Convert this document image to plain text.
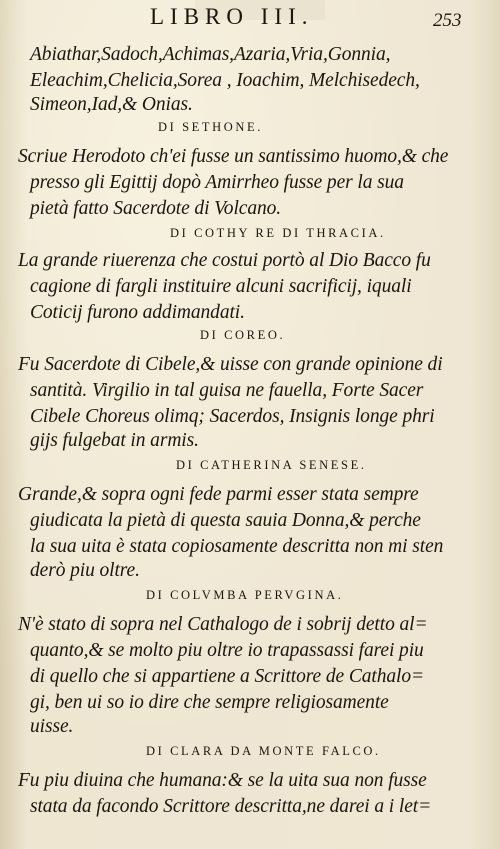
LIBRO III.	253
Abiathar,Sadoch,Achimas,Azaria,Vria,Gonnia,
Eleachim,Chelicia,Sorea , Ioachim, Melchisedech,
Simeon,Iad,& Onias.
DI SETHONE.
Scriue Herodoto ch'ei fusse un santissimo huomo,& che
presso gli Egittij dopò Amirrheo fusse per la sua
pietà fatto Sacerdote di Volcano.
DI COTHY RE DI THRACIA.
La grande riuerenza che costui portò al Dio Bacco fu
cagione di fargli instituire alcuni sacrificij, iquali
Coticij furono addimandati.
DI COREO.
Fu Sacerdote di Cibele,& uisse con grande opinione di
santità. Virgilio in tal guisa ne fauella, Forte Sacer
Cibele Choreus olimq; Sacerdos, Insignis longe phri
gijs fulgebat in armis.
DI CATHERINA SENESE.
Grande,& sopra ogni fede parmi esser stata sempre
giudicata la pietà di questa sauia Donna,& perche
la sua uita è stata copiosamente descritta non mi sten
derò piu oltre.
DI COLVMBA PERVGINA.
N'è stato di sopra nel Cathalogo de i sobrij detto al=
quanto,& se molto piu oltre io trapassassi farei piu
di quello che si appartiene a Scrittore de Cathalo=
gi, ben ui so io dire che sempre religiosamente
uisse.
DI CLARA DA MONTE FALCO.
Fu piu diuina che humana:& se la uita sua non fusse
stata da facondo Scrittore descritta,ne darei a i let=
